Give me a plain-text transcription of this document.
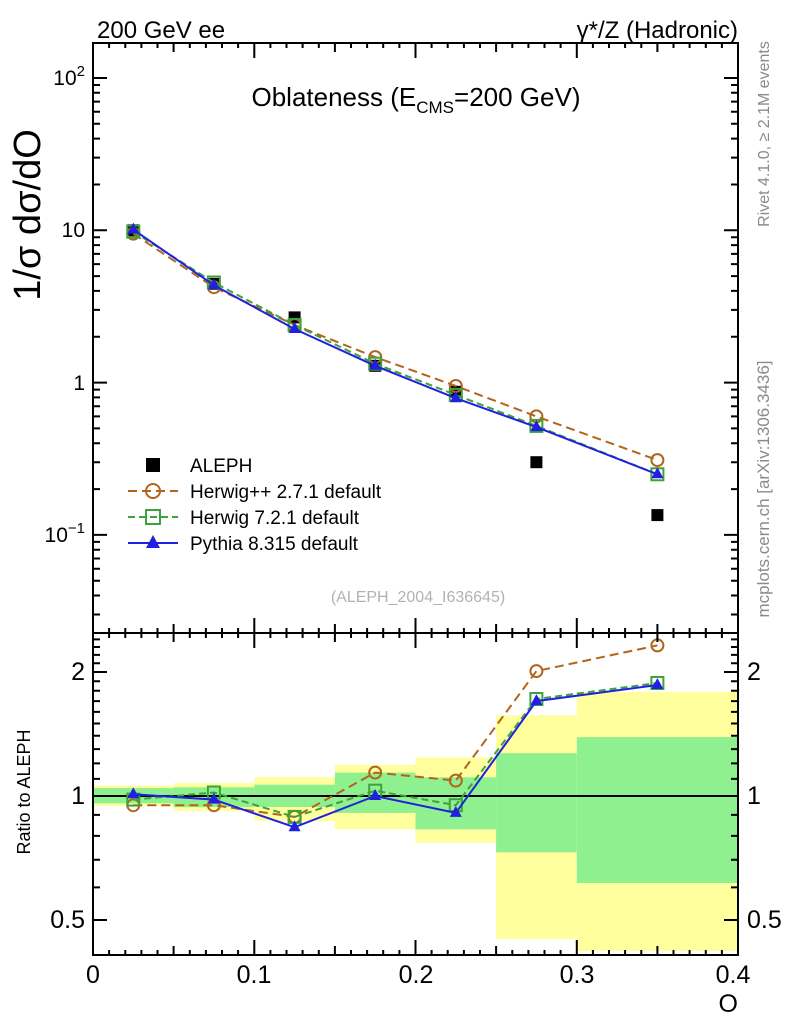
200 GeV ee	γ*/Z (Hadronic)
Oblateness ($E_{CMS}=200$ GeV)
1/σ dσ/dO
Ratio to ALEPH
O
Rivet 4.1.0, ≥ 2.1M events
mcplots.cern.ch [arXiv:1306.3436]
(ALEPH_2004_I636645)
$10^2$
10
1
$10^{-1}$
2
1
0.5
2
1
0.5
0	0.1	0.2	0.3	0.4
ALEPH
Herwig++ 2.7.1 default
Herwig 7.2.1 default
Pythia 8.315 default
